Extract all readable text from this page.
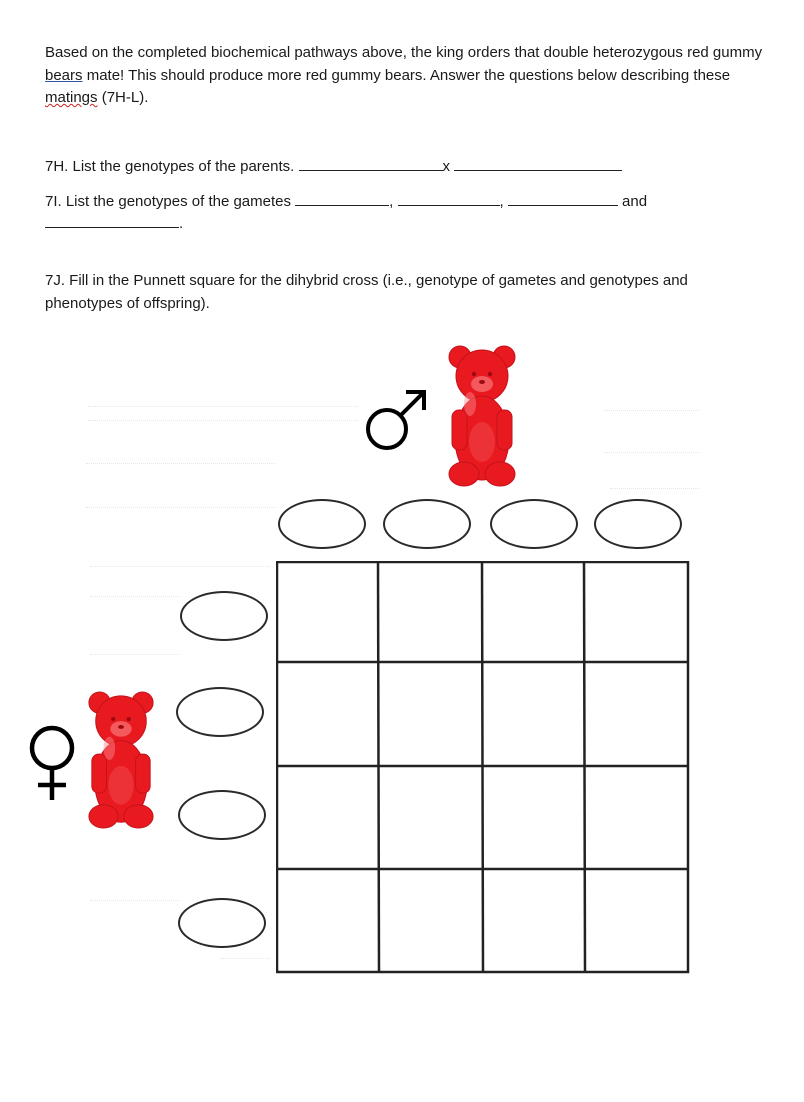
Based on the completed biochemical pathways above, the king orders that double heterozygous red gummy bears mate! This should produce more red gummy bears. Answer the questions below describing these matings (7H-L).

7H. List the genotypes of the parents.	x
7I. List the genotypes of the gametes	,	,	and
.

7J. Fill in the Punnett square for the dihybrid cross (i.e., genotype of gametes and genotypes and phenotypes of offspring).
